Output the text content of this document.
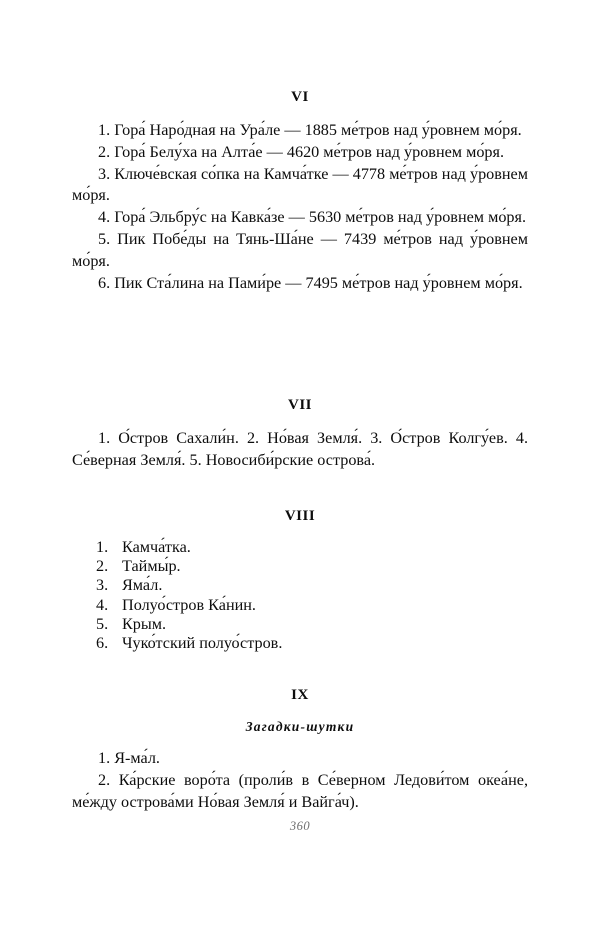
VI

1. Гора́ Наро́дная на Ура́ле — 1885 ме́тров над у́ровнем мо́ря.

2. Гора́ Белу́ха на Алта́е — 4620 ме́тров над у́ровнем мо́ря.

3. Ключе́вская со́пка на Камча́тке — 4778 ме́тров над у́ровнем мо́ря.

4. Гора́ Эльбру́с на Кавка́зе — 5630 ме́тров над у́ровнем мо́ря.

5. Пик Побе́ды на Тянь-Ша́не — 7439 ме́тров над у́ровнем мо́ря.

6. Пик Ста́лина на Пами́ре — 7495 ме́тров над у́ровнем мо́ря.

VII

1. О́стров Сахали́н. 2. Но́вая Земля́. 3. О́стров Колгу́ев. 4. Се́верная Земля́. 5. Новосиби́рские острова́.

VIII
1. Камча́тка.
2. Таймы́р.
3. Яма́л.
4. Полуо́стров Ка́нин.
5. Крым.
6. Чуко́тский полуо́стров.
IX
Загадки-шутки

1. Я-ма́л.

2. Ка́рские воро́та (проли́в в Се́верном Ледови́том океа́не, ме́жду острова́ми Но́вая Земля́ и Вайга́ч).

360
